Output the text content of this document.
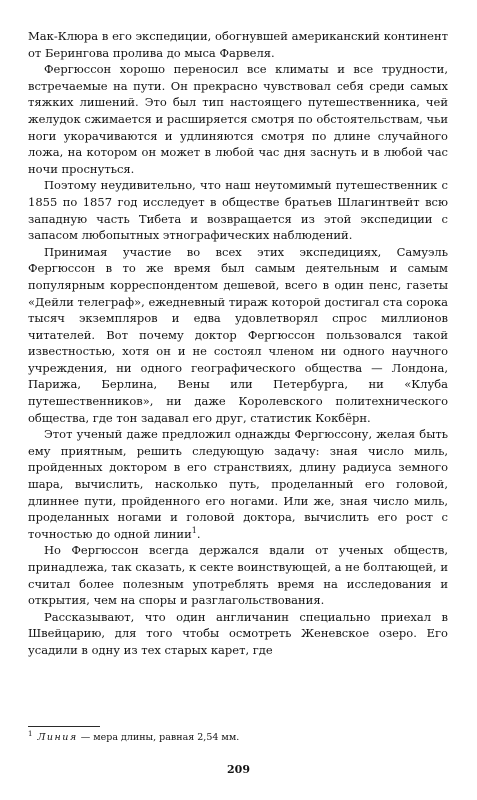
Мак-Клюра в его экспедиции, обогнувшей американский континент от Берингова пролива до мыса Фарвеля.

Фергюссон хорошо переносил все климаты и все трудности, встречаемые на пути. Он прекрасно чувствовал себя среди самых тяжких лишений. Это был тип настоящего путешественника, чей желудок сжимается и расширяется смотря по обстоятельствам, чьи ноги укорачиваются и удлиняются смотря по длине случайного ложа, на котором он может в любой час дня заснуть и в любой час ночи проснуться.

Поэтому неудивительно, что наш неутомимый путешественник с 1855 по 1857 год исследует в обществе братьев Шлагинтвейт всю западную часть Тибета и возвращается из этой экспедиции с запасом любопытных этнографических наблюдений.

Принимая участие во всех этих экспедициях, Самуэль Фергюссон в то же время был самым деятельным и самым популярным корреспондентом дешевой, всего в один пенс, газеты «Дейли телеграф», ежедневный тираж которой достигал ста сорока тысяч экземпляров и едва удовлетворял спрос миллионов читателей. Вот почему доктор Фергюссон пользовался такой известностью, хотя он и не состоял членом ни одного научного учреждения, ни одного географического общества — Лондона, Парижа, Берлина, Вены или Петербурга, ни «Клуба путешественников», ни даже Королевского политехнического общества, где тон задавал его друг, статистик Кокбёрн.

Этот ученый даже предложил однажды Фергюссону, желая быть ему приятным, решить следующую задачу: зная число миль, пройденных доктором в его странствиях, длину радиуса земного шара, вычислить, насколько путь, проделанный его головой, длиннее пути, пройденного его ногами. Или же, зная число миль, проделанных ногами и головой доктора, вычислить его рост с точностью до одной линии$^1$.

Но Фергюссон всегда держался вдали от ученых обществ, принадлежа, так сказать, к секте воинствующей, а не болтающей, и считал более полезным употреблять время на исследования и открытия, чем на споры и разглагольствования.

Рассказывают, что один англичанин специально приехал в Швейцарию, для того чтобы осмотреть Женевское озеро. Его усадили в одну из тех старых карет, где

$^1$ Линия — мера длины, равная 2,54 мм.

209
